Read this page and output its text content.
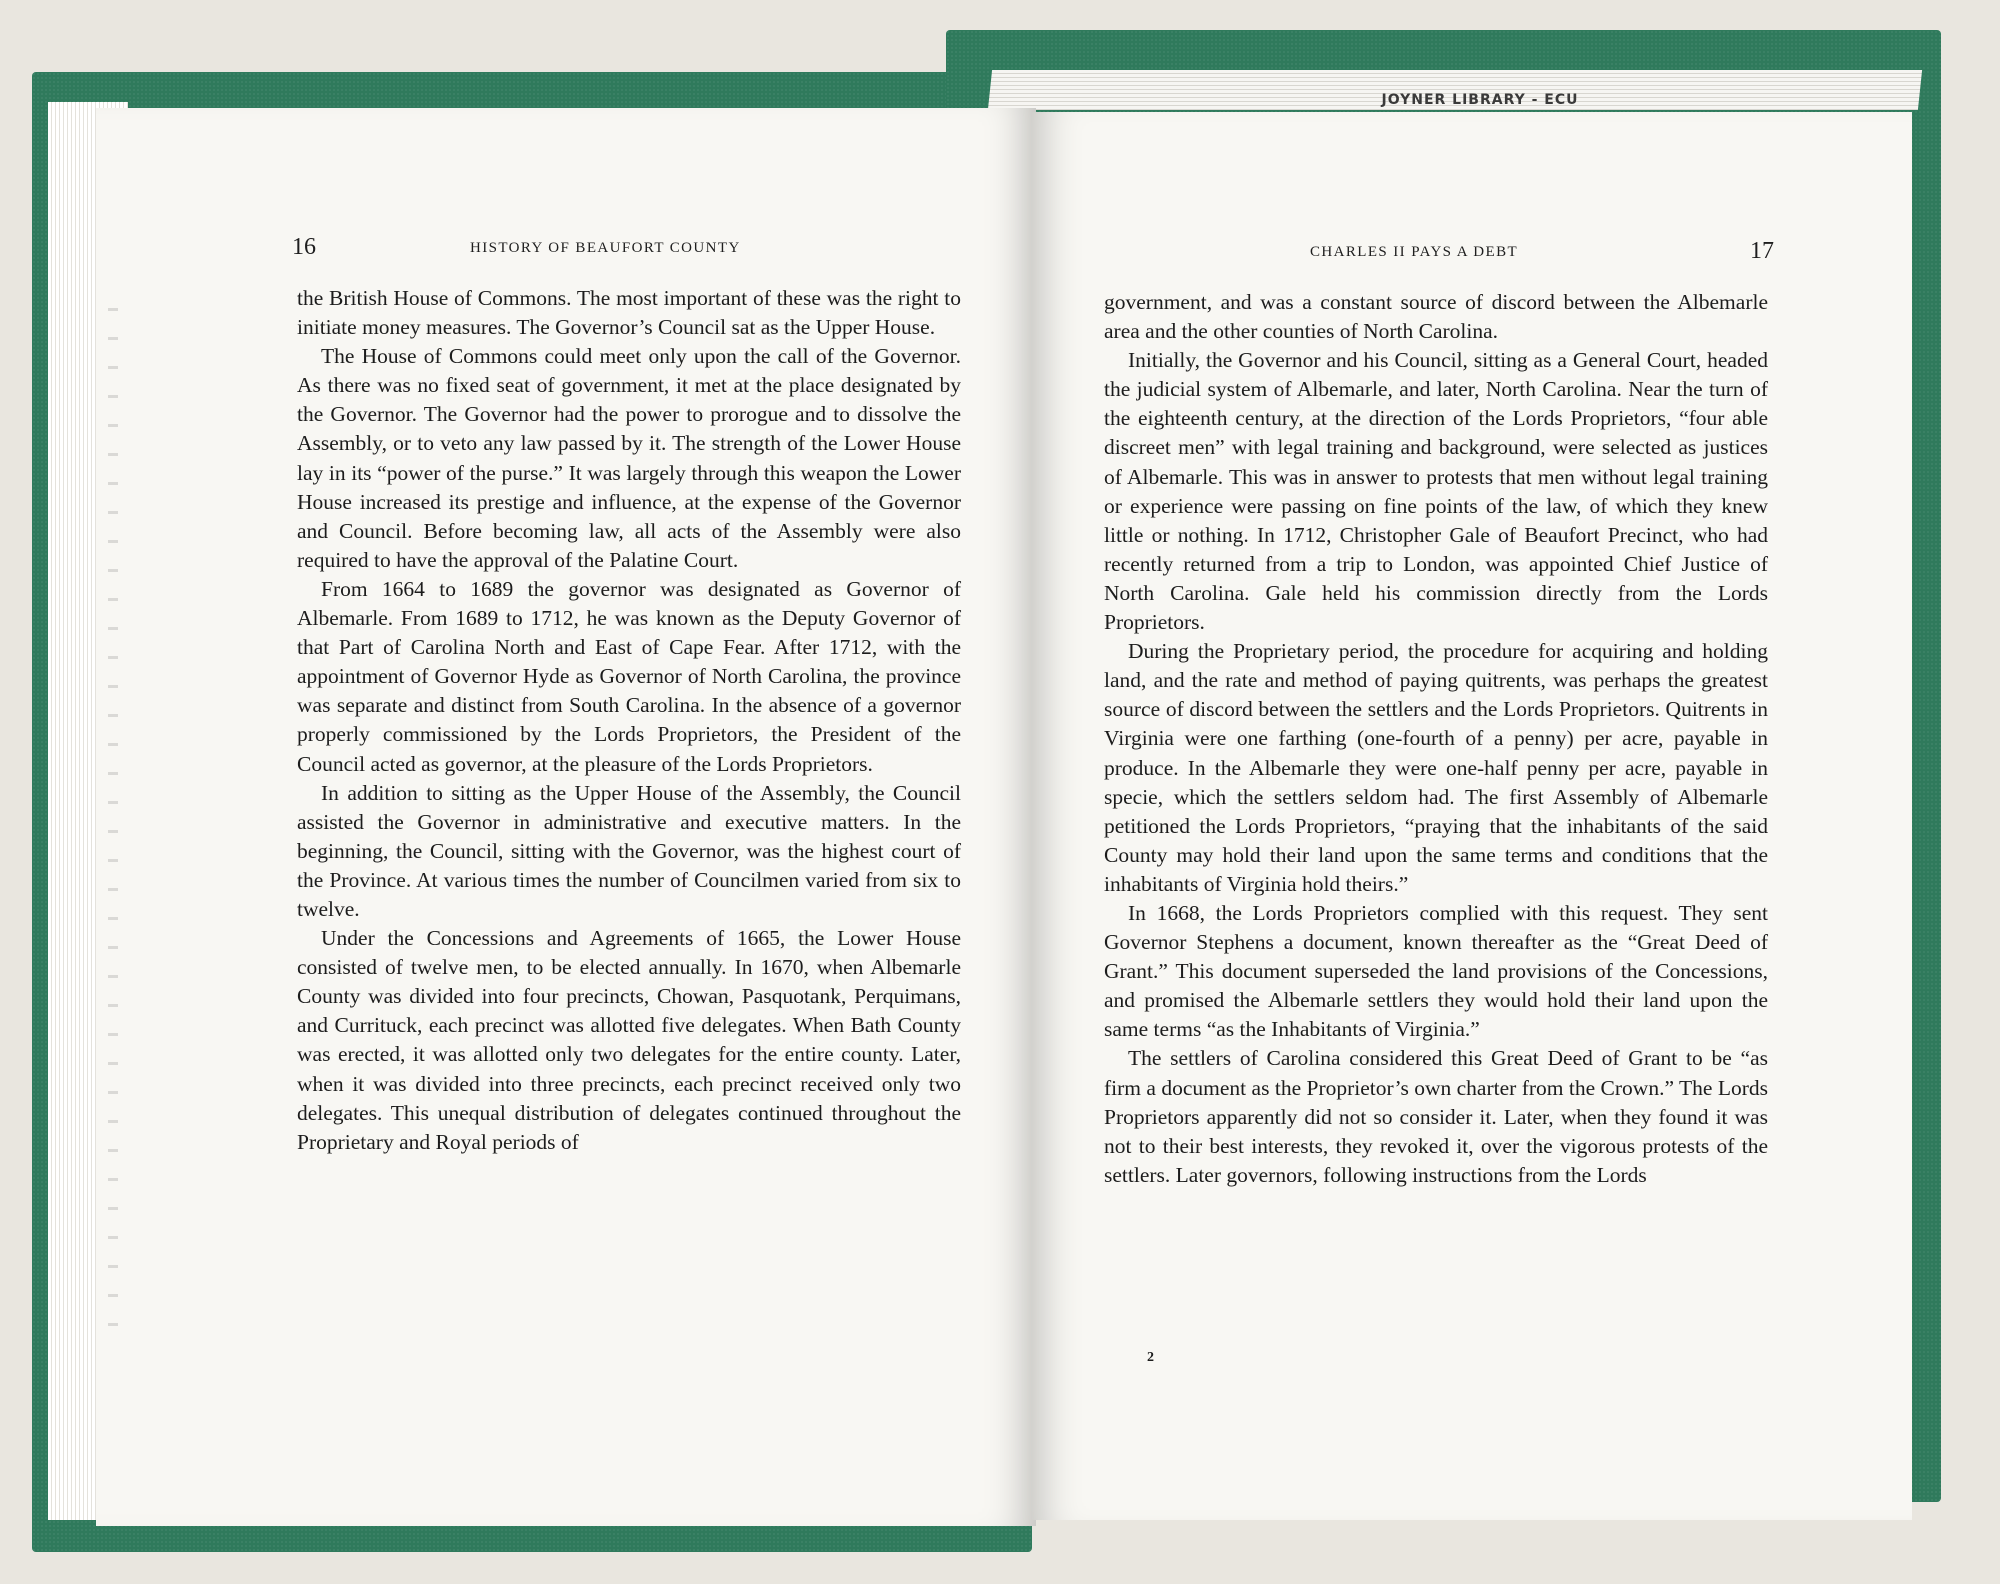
JOYNER LIBRARY - ECU
16	HISTORY OF BEAUFORT COUNTY

the British House of Commons. The most important of these was the right to initiate money measures. The Governor’s Council sat as the Upper House.

The House of Commons could meet only upon the call of the Governor. As there was no fixed seat of government, it met at the place designated by the Governor. The Governor had the power to prorogue and to dissolve the Assembly, or to veto any law passed by it. The strength of the Lower House lay in its “power of the purse.” It was largely through this weapon the Lower House increased its prestige and influence, at the expense of the Governor and Council. Before becoming law, all acts of the Assembly were also required to have the approval of the Palatine Court.

From 1664 to 1689 the governor was designated as Governor of Albemarle. From 1689 to 1712, he was known as the Deputy Governor of that Part of Carolina North and East of Cape Fear. After 1712, with the appointment of Governor Hyde as Governor of North Carolina, the province was separate and distinct from South Carolina. In the absence of a governor properly commissioned by the Lords Proprietors, the President of the Council acted as governor, at the pleasure of the Lords Proprietors.

In addition to sitting as the Upper House of the Assembly, the Council assisted the Governor in administrative and executive matters. In the beginning, the Council, sitting with the Governor, was the highest court of the Province. At various times the number of Councilmen varied from six to twelve.

Under the Concessions and Agreements of 1665, the Lower House consisted of twelve men, to be elected annually. In 1670, when Albemarle County was divided into four precincts, Chowan, Pasquotank, Perquimans, and Currituck, each precinct was allotted five delegates. When Bath County was erected, it was allotted only two delegates for the entire county. Later, when it was divided into three precincts, each precinct received only two delegates. This unequal distribution of delegates continued throughout the Proprietary and Royal periods of

CHARLES II PAYS A DEBT	17

government, and was a constant source of discord between the Albemarle area and the other counties of North Carolina.

Initially, the Governor and his Council, sitting as a General Court, headed the judicial system of Albemarle, and later, North Carolina. Near the turn of the eighteenth century, at the direction of the Lords Proprietors, “four able discreet men” with legal training and background, were selected as justices of Albemarle. This was in answer to protests that men without legal training or experience were passing on fine points of the law, of which they knew little or nothing. In 1712, Christopher Gale of Beaufort Precinct, who had recently returned from a trip to London, was appointed Chief Justice of North Carolina. Gale held his commission directly from the Lords Proprietors.

During the Proprietary period, the procedure for acquiring and holding land, and the rate and method of paying quitrents, was perhaps the greatest source of discord between the settlers and the Lords Proprietors. Quitrents in Virginia were one farthing (one-fourth of a penny) per acre, payable in produce. In the Albemarle they were one-half penny per acre, payable in specie, which the settlers seldom had. The first Assembly of Albemarle petitioned the Lords Proprietors, “praying that the inhabitants of the said County may hold their land upon the same terms and conditions that the inhabitants of Virginia hold theirs.”

In 1668, the Lords Proprietors complied with this request. They sent Governor Stephens a document, known thereafter as the “Great Deed of Grant.” This document superseded the land provisions of the Concessions, and promised the Albemarle settlers they would hold their land upon the same terms “as the Inhabitants of Virginia.”

The settlers of Carolina considered this Great Deed of Grant to be “as firm a document as the Proprietor’s own charter from the Crown.” The Lords Proprietors apparently did not so consider it. Later, when they found it was not to their best interests, they revoked it, over the vigorous protests of the settlers. Later governors, following instructions from the Lords

2
